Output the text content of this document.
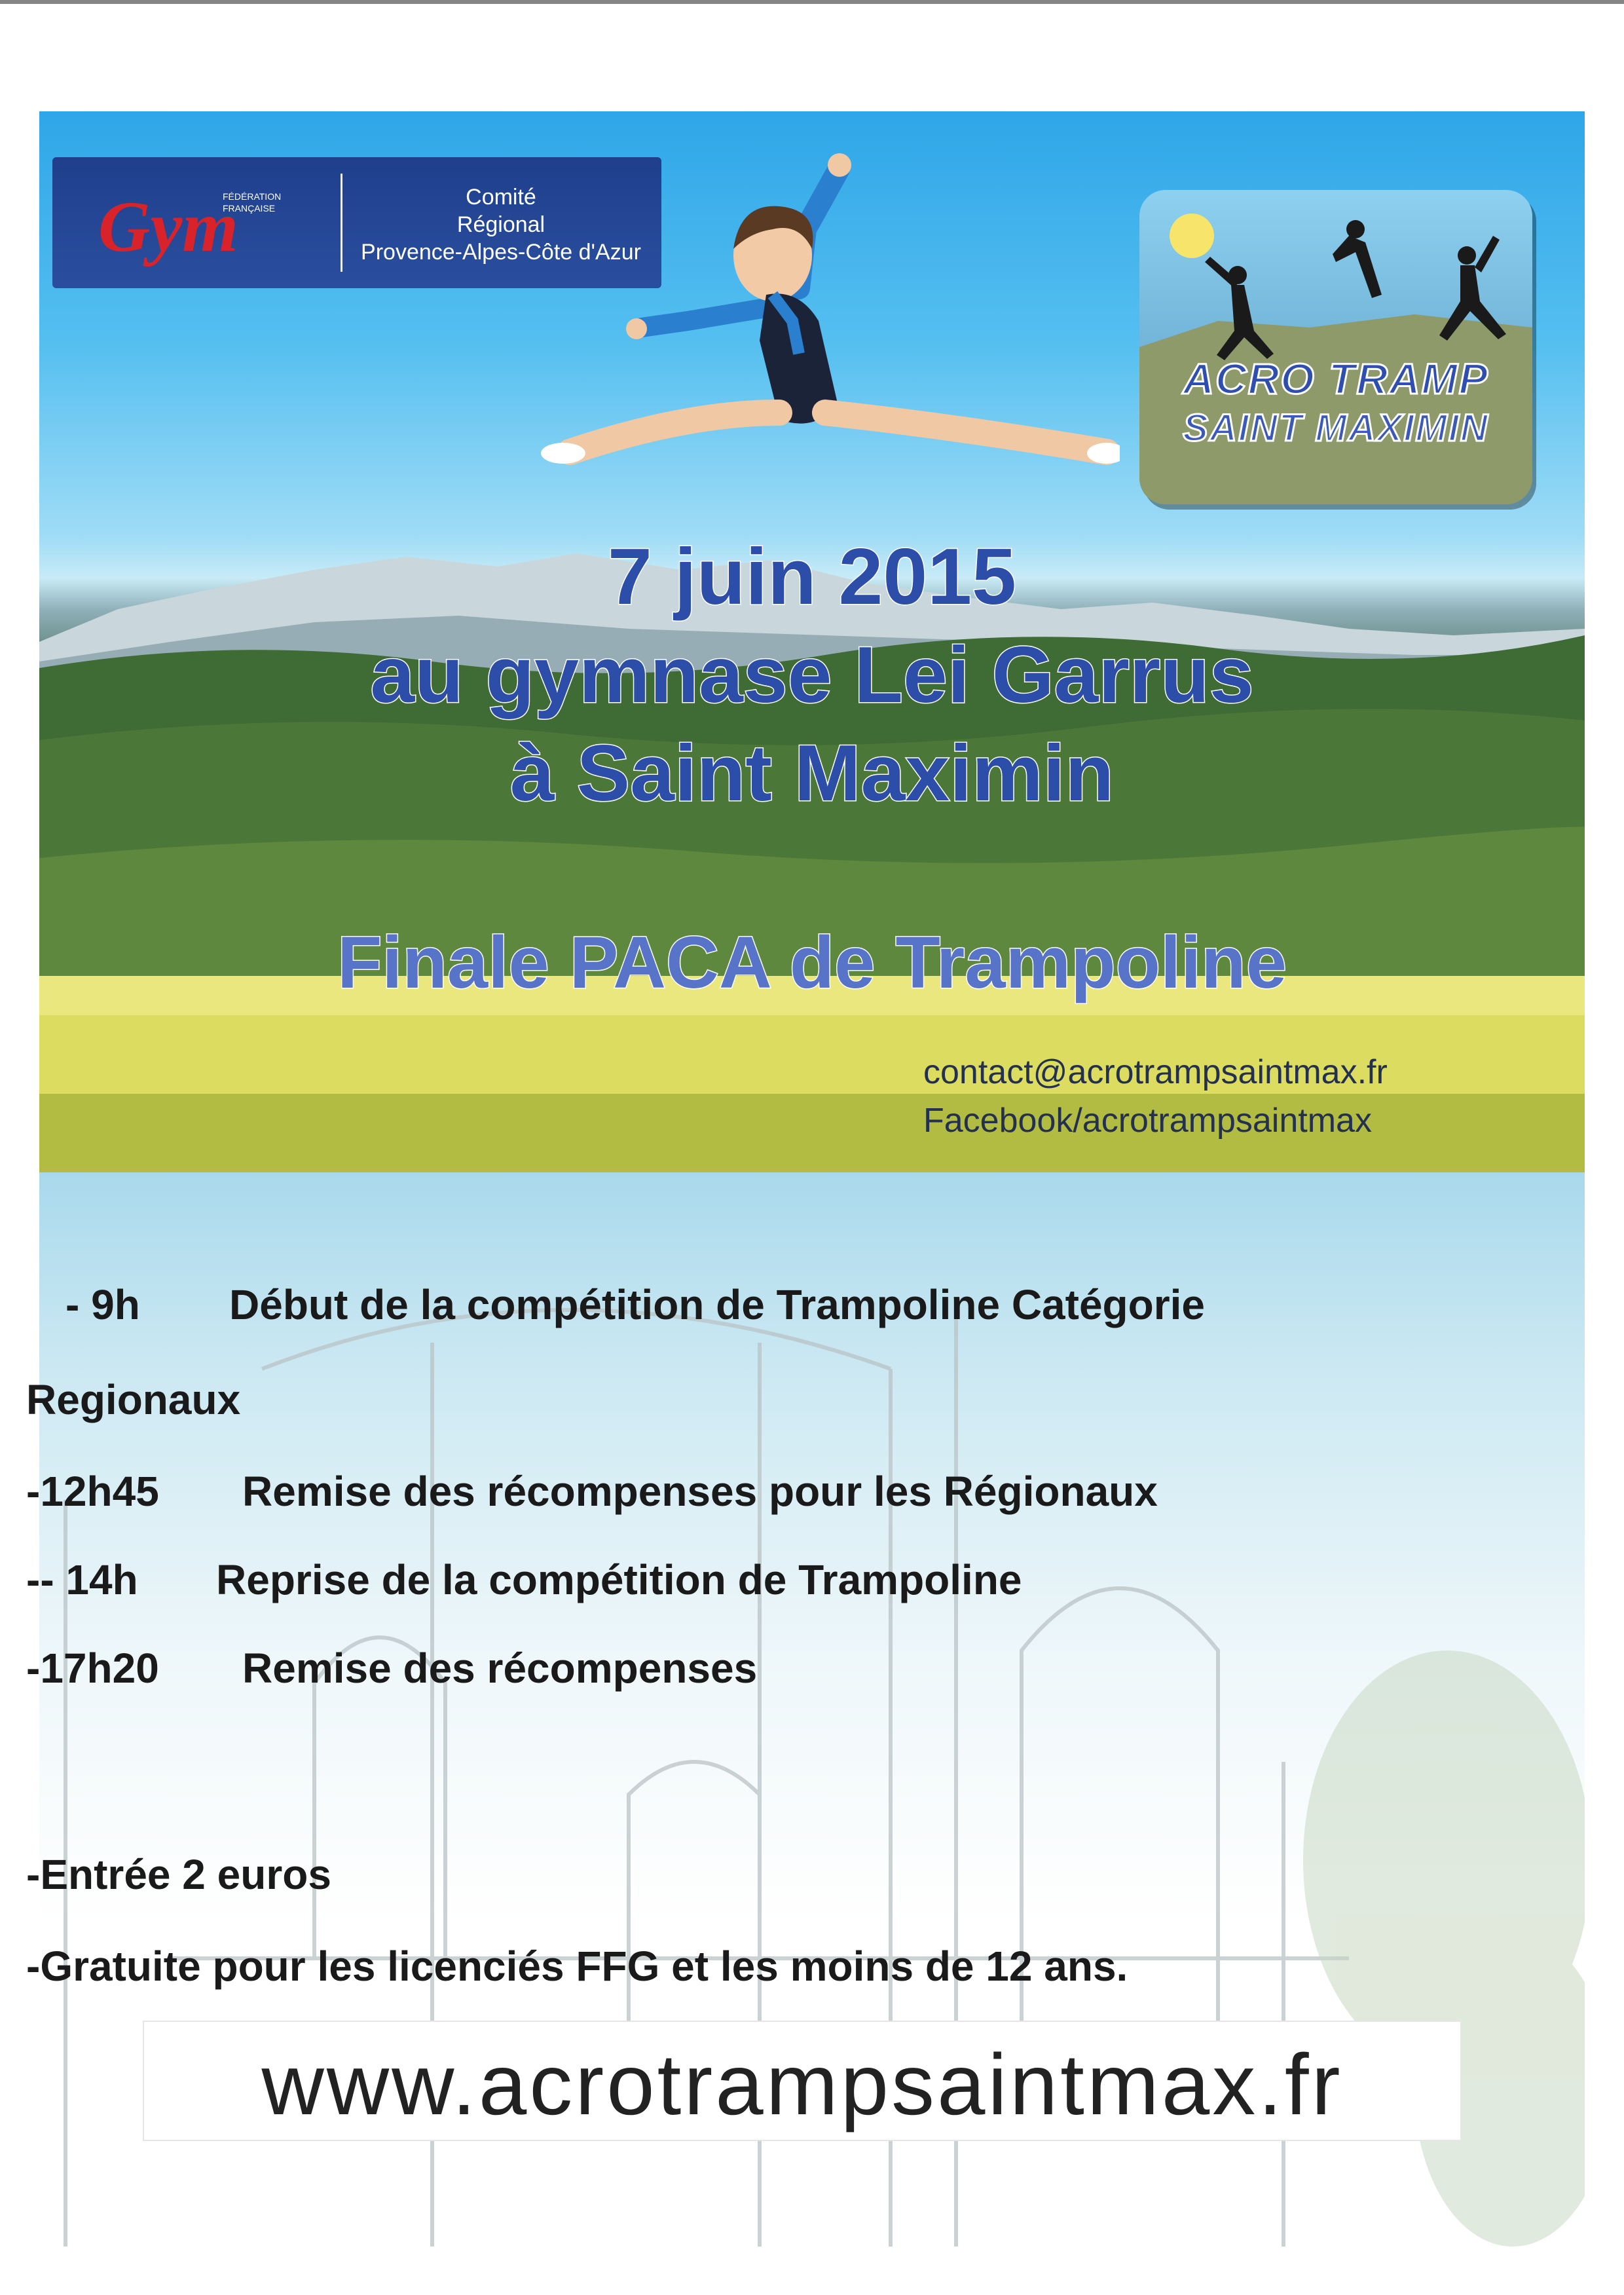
Gym
FÉDÉRATION
FRANÇAISE	Comité
Régional
Provence-Alpes-Côte d'Azur
ACRO TRAMP
SAINT MAXIMIN
7 juin 2015
au gymnase Lei Garrus
à Saint Maximin
Finale PACA de Trampoline
contact@acrotrampsaintmax.fr
Facebook/acrotrampsaintmax
- 9h Début de la compétition de Trampoline Catégorie
Regionaux
-12h45 Remise des récompenses pour les Régionaux
-- 14h Reprise de la compétition de Trampoline
-17h20 Remise des récompenses
-Entrée 2 euros
-Gratuite pour les licenciés FFG et les moins de 12 ans.
www.acrotrampsaintmax.fr
